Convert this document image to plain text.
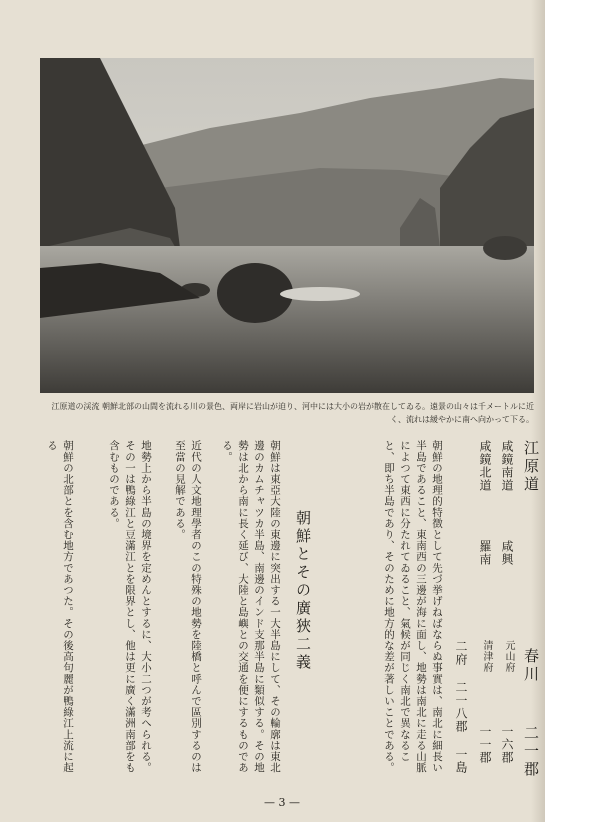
江原道の渓流 朝鮮北部の山間を流れる川の景色、両岸に岩山が迫り、河中には大小の岩が散在してゐる。遠景の山々は千メートルに近く、流れは緩やかに南へ向かって下る。
江原道
春川
二一郡
咸鏡南道
咸興
元山府
一六郡
咸鏡北道
羅南
清津府
一一郡
二府 二一八郡 一島
朝鮮の地理的特徴として先づ挙げねばならぬ事實は、南北に細長い半島であること、東南西の三邊が海に面し、地勢は南北に走る山脈によつて東西に分たれてゐること、氣候が同じく南北で異なること、即ち半島であり、そのために地方的な差が著しいことである。
朝鮮とその廣狹二義
朝鮮は東亞大陸の東邊に突出する一大半島にして、その輪廓は東北邊のカムチャツカ半島、南邊のインド支那半島に類似する。その地勢は北から南に長く延び、大陸と島嶼との交通を便にするものである。
近代の人文地理學者のこの特殊の地勢を陸橋と呼んで區別するのは至當の見解である。
地勢上から半島の境界を定めんとするに、大小二つが考へられる。その一は鴨綠江と豆滿江とを限界とし、他は更に廣く滿洲南部をも含むものである。
朝鮮の北部とを含む地方であつた。その後高句麗が鴨綠江上流に起る
— 3 —
